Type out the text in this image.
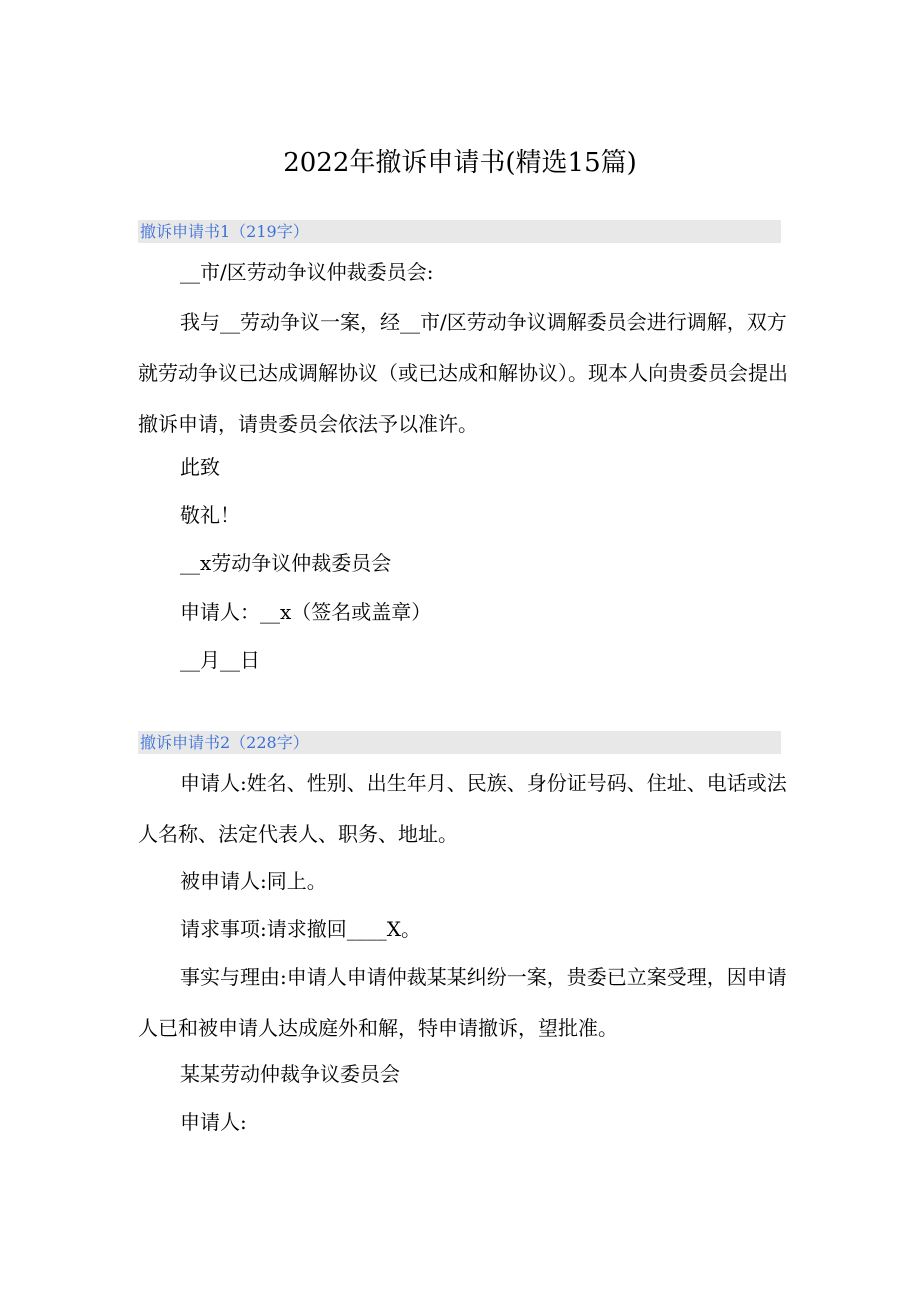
2022年撤诉申请书(精选15篇)
撤诉申请书1（219字）

__市/区劳动争议仲裁委员会:

我与__劳动争议一案，经__市/区劳动争议调解委员会进行调解，双方就劳动争议已达成调解协议（或已达成和解协议）。现本人向贵委员会提出撤诉申请，请贵委员会依法予以准许。

此致

敬礼！

__x劳动争议仲裁委员会

申请人：__x（签名或盖章）

__月__日

撤诉申请书2（228字）

申请人:姓名、性别、出生年月、民族、身份证号码、住址、电话或法人名称、法定代表人、职务、地址。

被申请人:同上。

请求事项:请求撤回____X。

事实与理由:申请人申请仲裁某某纠纷一案，贵委已立案受理，因申请人已和被申请人达成庭外和解，特申请撤诉，望批准。

某某劳动仲裁争议委员会

申请人:
